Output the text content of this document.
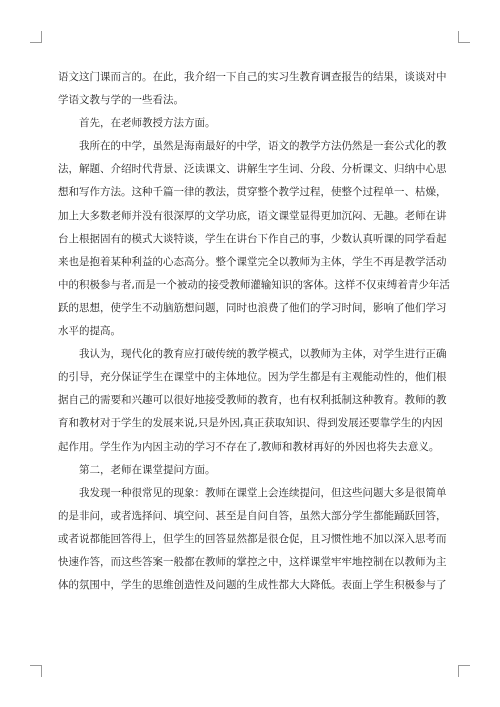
语 文 这 门 课 而 言 的 。 在 此 ， 我 介 绍 一 下 自 己 的 实 习 生 教 育 调 查 报 告 的 结 果 ， 谈 谈 对 中
学语文教与学的一些看法。
首先，在老师教授方法方面。
我 所 在 的 中 学 ， 虽 然 是 海 南 最 好 的 中 学 ， 语 文 的 教 学 方 法 仍 然 是 一 套 公 式 化 的 教
法 ， 解 题 、 介 绍 时 代 背 景 、 泛 读 课 文 、 讲 解 生 字 生 词 、 分 段 、 分 析 课 文 、 归 纳 中 心 思
想 和 写 作 方 法 。 这 种 千 篇 一 律 的 教 法 ， 贯 穿 整 个 教 学 过 程 ， 使 整 个 过 程 单 一 、 枯 燥 ，
加 上 大 多 数 老 师 并 没 有 很 深 厚 的 文 学 功 底 ， 语 文 课 堂 显 得 更 加 沉 闷 、 无 趣 。 老 师 在 讲
台 上 根 据 固 有 的 模 式 大 谈 特 谈 ， 学 生 在 讲 台 下 作 自 己 的 事 ， 少 数 认 真 听 课 的 同 学 看 起
来 也 是 抱 着 某 种 利 益 的 心 态 高 分 。 整 个 课 堂 完 全 以 教 师 为 主 体 ， 学 生 不 再 是 教 学 活 动
中 的 积 极 参 与 者 , 而 是 一 个 被 动 的 接 受 教 师 灌 输 知 识 的 客 体 。 这 样 不 仅 束 缚 着 青 少 年 活
跃 的 思 想 ， 使 学 生 不 动 脑 筋 想 问 题 ， 同 时 也 浪 费 了 他 们 的 学 习 时 间 ， 影 响 了 他 们 学 习
水平的提高。
我 认 为 ， 现 代 化 的 教 育 应 打 破 传 统 的 教 学 模 式 ， 以 教 师 为 主 体 ， 对 学 生 进 行 正 确
的 引 导 ， 充 分 保 证 学 生 在 课 堂 中 的 主 体 地 位 。 因 为 学 生 都 是 有 主 观 能 动 性 的 ， 他 们 根
据 自 己 的 需 要 和 兴 趣 可 以 很 好 地 接 受 教 师 的 教 育 ， 也 有 权 利 抵 制 这 种 教 育 。 教 师 的 教
育 和 教 材 对 于 学 生 的 发 展 来 说 , 只 是 外 因 , 真 正 获 取 知 识 、 得 到 发 展 还 要 靠 学 生 的 内 因
起作用。学生作为内因主动的学习不存在了,教师和教材再好的外因也将失去意义。
第二，老师在课堂提问方面。
我 发 现 一 种 很 常 见 的 现 象 ： 教 师 在 课 堂 上 会 连 续 提 问 ， 但 这 些 问 题 大 多 是 很 简 单
的 是 非 问 ， 或 者 选 择 问 、 填 空 问 、 甚 至 是 自 问 自 答 ， 虽 然 大 部 分 学 生 都 能 踊 跃 回 答 ，
或 者 说 都 能 回 答 得 上 ， 但 学 生 的 回 答 显 然 都 是 很 仓 促 ， 且 习 惯 性 地 不 加 以 深 入 思 考 而
快 速 作 答 ， 而 这 些 答 案 一 般 都 在 教 师 的 掌 控 之 中 ， 这 样 课 堂 牢 牢 地 控 制 在 以 教 师 为 主
体的氛围中，学生的思维创造性及问题的生成性都大大降低。表面上学生积极参与了
